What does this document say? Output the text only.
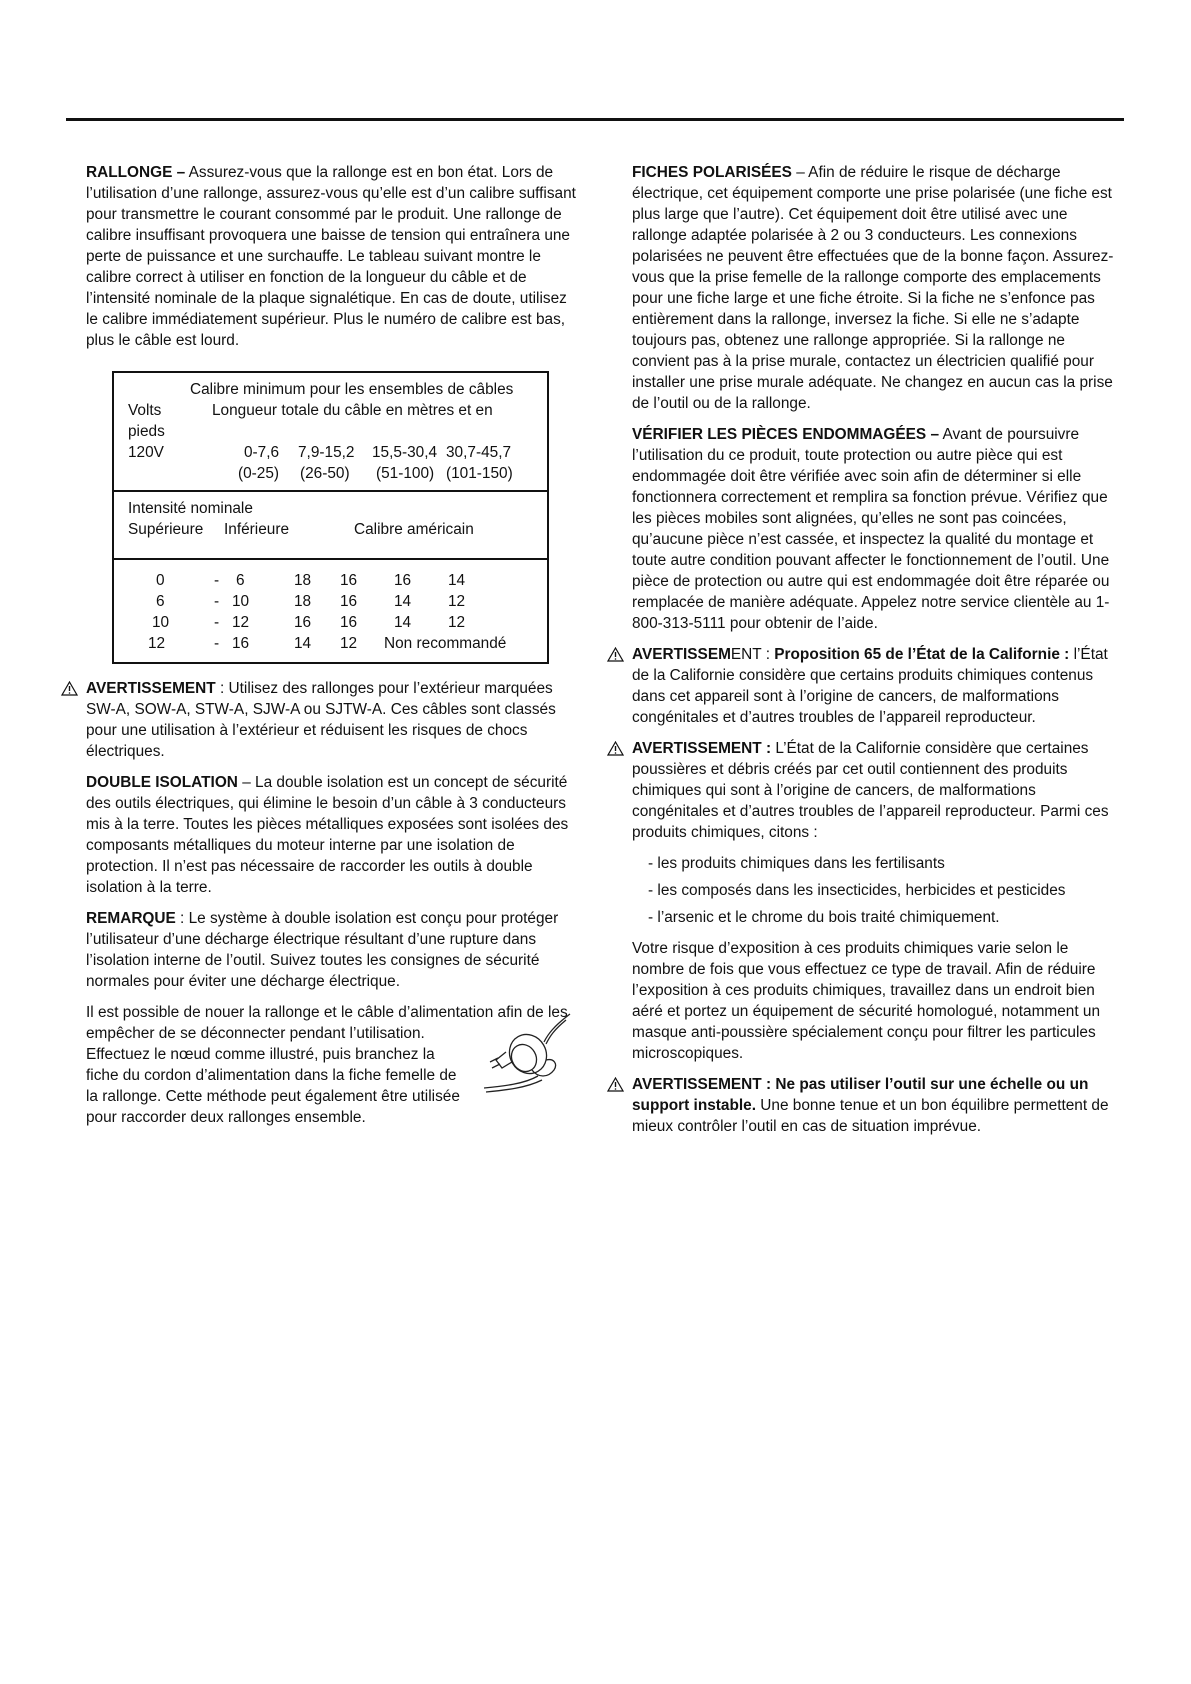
RALLONGE – Assurez-vous que la rallonge est en bon état. Lors de l’utilisation d’une rallonge, assurez-vous qu’elle est d’un calibre suffisant pour transmettre le courant consommé par le produit. Une rallonge de calibre insuffisant provoquera une baisse de tension qui entraînera une perte de puissance et une surchauffe. Le tableau suivant montre le calibre correct à utiliser en fonction de la longueur du câble et de l’intensité nominale de la plaque signalétique. En cas de doute, utilisez le calibre immédiatement supérieur. Plus le numéro de calibre est bas, plus le câble est lourd.

Calibre minimum pour les ensembles de câbles
Volts	Longueur totale du câble en mètres et en
pieds
120V	0-7,6 7,9-15,2 15,5-30,4 30,7-45,7
(0-25) (26-50) (51-100) (101-150)
Intensité nominale
Supérieure Inférieure	Calibre américain
0	- 6	18 16 16 14
6	- 10	18 16 14 12
10	- 12	16 16 14 12
12	- 16	14 12 Non recommandé

AVERTISSEMENT : Utilisez des rallonges pour l’extérieur marquées SW-A, SOW-A, STW-A, SJW-A ou SJTW-A. Ces câbles sont classés pour une utilisation à l’extérieur et réduisent les risques de chocs électriques.

DOUBLE ISOLATION – La double isolation est un concept de sécurité des outils électriques, qui élimine le besoin d’un câble à 3 conducteurs mis à la terre. Toutes les pièces métalliques exposées sont isolées des composants métalliques du moteur interne par une isolation de protection. Il n’est pas nécessaire de raccorder les outils à double isolation à la terre.

REMARQUE : Le système à double isolation est conçu pour protéger l’utilisateur d’une décharge électrique résultant d’une rupture dans l’isolation interne de l’outil. Suivez toutes les consignes de sécurité normales pour éviter une décharge électrique.

Il est possible de nouer la rallonge et le câble d’alimentation afin de les empêcher de se déconnecter pendant l’utilisation.
Effectuez le nœud comme illustré, puis branchez la fiche du cordon d’alimentation dans la fiche femelle de la rallonge. Cette méthode peut également être utilisée pour raccorder deux rallonges ensemble.

FICHES POLARISÉES – Afin de réduire le risque de décharge électrique, cet équipement comporte une prise polarisée (une fiche est plus large que l’autre). Cet équipement doit être utilisé avec une rallonge adaptée polarisée à 2 ou 3 conducteurs. Les connexions polarisées ne peuvent être effectuées que de la bonne façon. Assurez-vous que la prise femelle de la rallonge comporte des emplacements pour une fiche large et une fiche étroite. Si la fiche ne s’enfonce pas entièrement dans la rallonge, inversez la fiche. Si elle ne s’adapte toujours pas, obtenez une rallonge appropriée. Si la rallonge ne convient pas à la prise murale, contactez un électricien qualifié pour installer une prise murale adéquate. Ne changez en aucun cas la prise de l’outil ou de la rallonge.

VÉRIFIER LES PIÈCES ENDOMMAGÉES – Avant de poursuivre l’utilisation du ce produit, toute protection ou autre pièce qui est endommagée doit être vérifiée avec soin afin de déterminer si elle fonctionnera correctement et remplira sa fonction prévue. Vérifiez que les pièces mobiles sont alignées, qu’elles ne sont pas coincées, qu’aucune pièce n’est cassée, et inspectez la qualité du montage et toute autre condition pouvant affecter le fonctionnement de l’outil. Une pièce de protection ou autre qui est endommagée doit être réparée ou remplacée de manière adéquate. Appelez notre service clientèle au 1-800-313-5111 pour obtenir de l’aide.

AVERTISSEMENT : Proposition 65 de l’État de la Californie : l’État de la Californie considère que certains produits chimiques contenus dans cet appareil sont à l’origine de cancers, de malformations congénitales et d’autres troubles de l’appareil reproducteur.

AVERTISSEMENT : L’État de la Californie considère que certaines poussières et débris créés par cet outil contiennent des produits chimiques qui sont à l’origine de cancers, de malformations congénitales et d’autres troubles de l’appareil reproducteur. Parmi ces produits chimiques, citons :

- les produits chimiques dans les fertilisants
- les composés dans les insecticides, herbicides et pesticides
- l’arsenic et le chrome du bois traité chimiquement.

Votre risque d’exposition à ces produits chimiques varie selon le nombre de fois que vous effectuez ce type de travail. Afin de réduire l’exposition à ces produits chimiques, travaillez dans un endroit bien aéré et portez un équipement de sécurité homologué, notamment un masque anti-poussière spécialement conçu pour filtrer les particules microscopiques.

AVERTISSEMENT : Ne pas utiliser l’outil sur une échelle ou un support instable. Une bonne tenue et un bon équilibre permettent de mieux contrôler l’outil en cas de situation imprévue.
